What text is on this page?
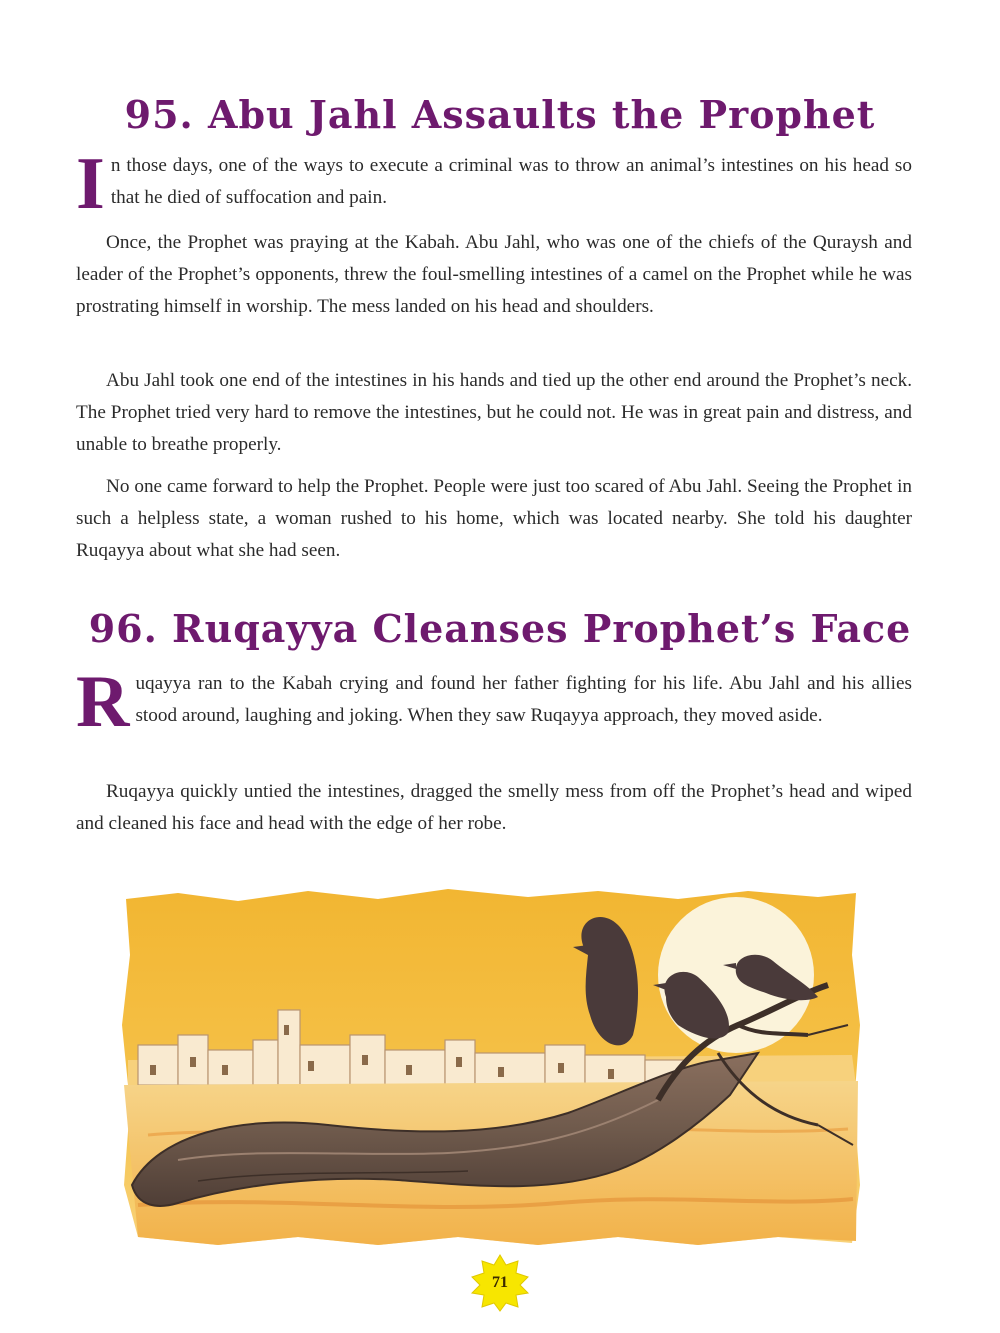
95. Abu Jahl Assaults the Prophet

In those days, one of the ways to execute a criminal was to throw an animal’s intestines on his head so that he died of suffocation and pain.

Once, the Prophet was praying at the Kabah. Abu Jahl, who was one of the chiefs of the Quraysh and leader of the Prophet’s opponents, threw the foul-smelling intestines of a camel on the Prophet while he was prostrating himself in worship. The mess landed on his head and shoulders.

Abu Jahl took one end of the intestines in his hands and tied up the other end around the Prophet’s neck. The Prophet tried very hard to remove the intestines, but he could not. He was in great pain and distress, and unable to breathe properly.

No one came forward to help the Prophet. People were just too scared of Abu Jahl. Seeing the Prophet in such a helpless state, a woman rushed to his home, which was located nearby. She told his daughter Ruqayya about what she had seen.

96. Ruqayya Cleanses Prophet’s Face

Ruqayya ran to the Kabah crying and found her father fighting for his life. Abu Jahl and his allies stood around, laughing and joking. When they saw Ruqayya approach, they moved aside.

Ruqayya quickly untied the intestines, dragged the smelly mess from off the Prophet’s head and wiped and cleaned his face and head with the edge of her robe.

71
